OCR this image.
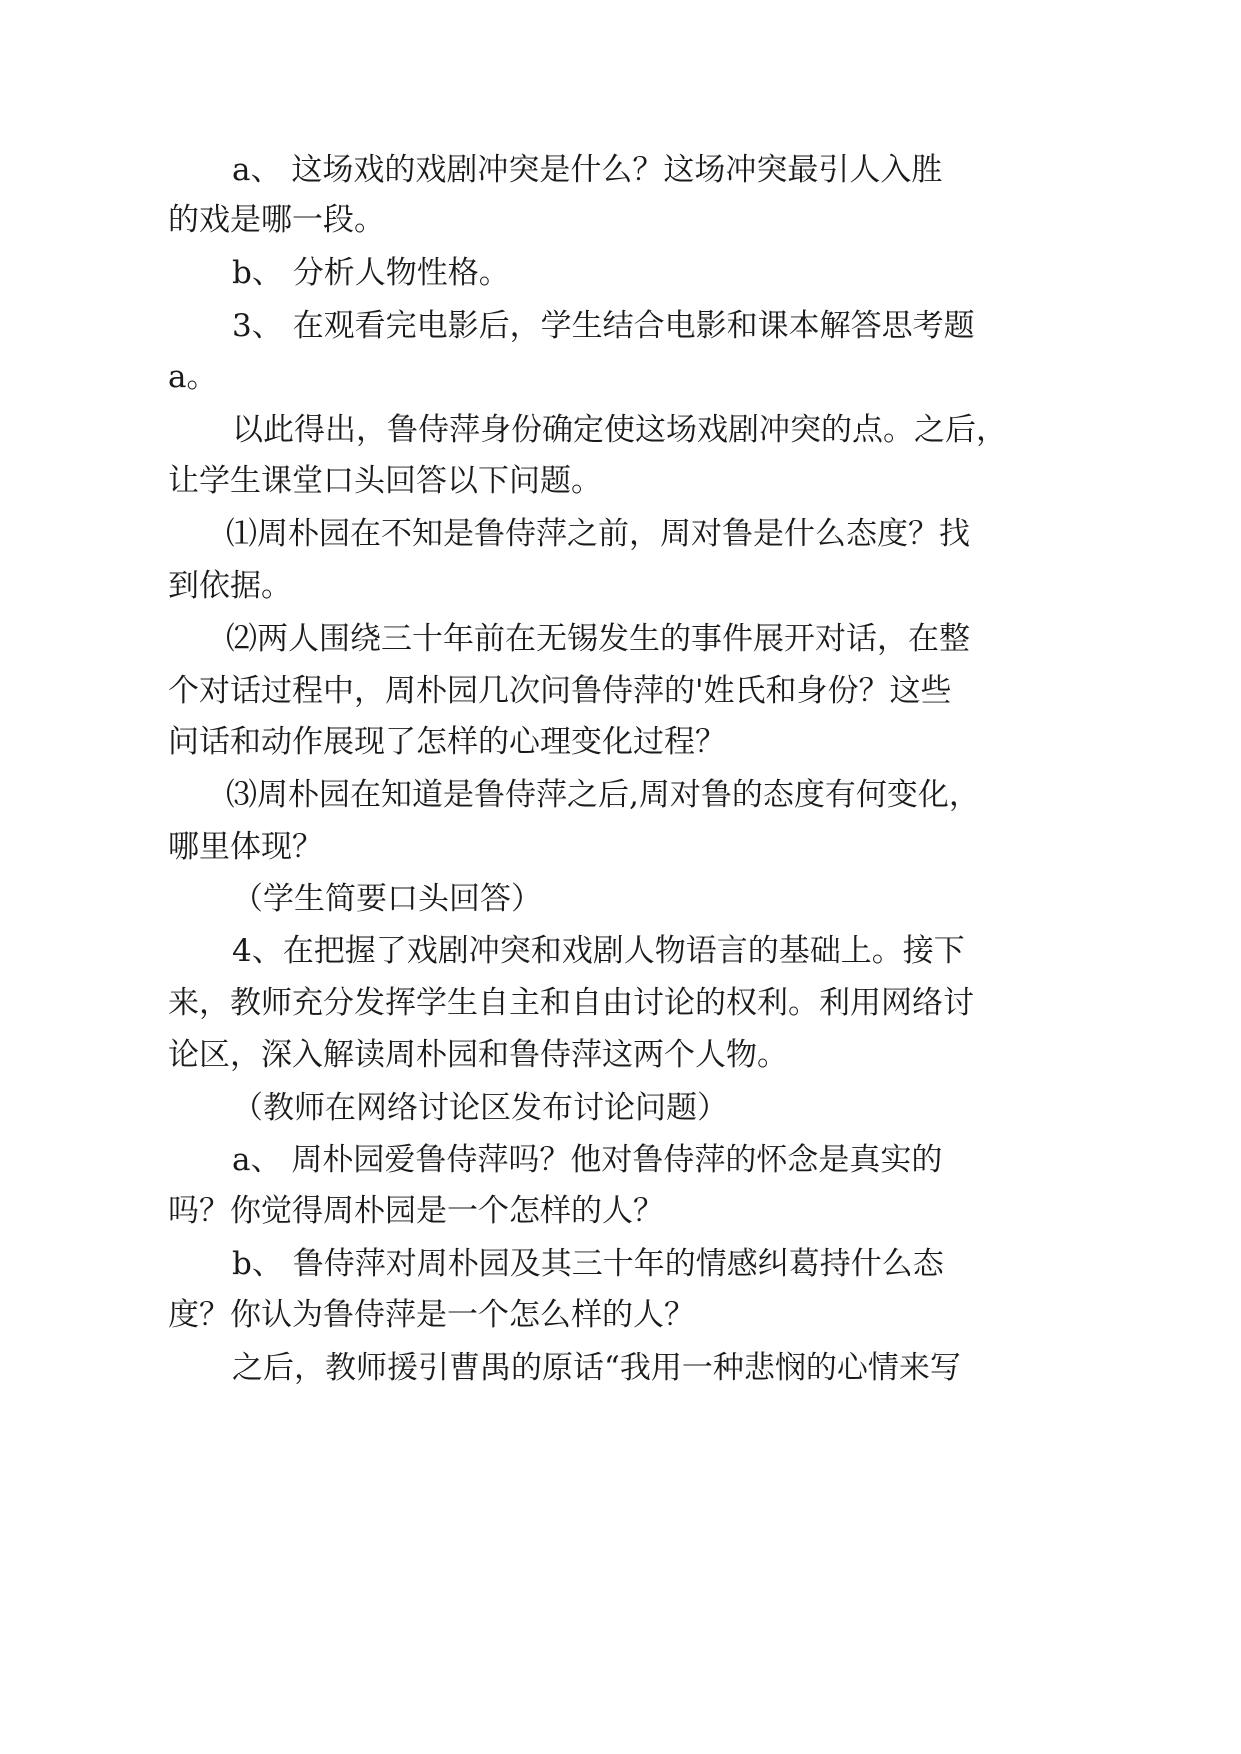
a、 这场戏的戏剧冲突是什么？这场冲突最引人入胜
的戏是哪一段。
b、 分析人物性格。
3、 在观看完电影后，学生结合电影和课本解答思考题
a。
以此得出，鲁侍萍身份确定使这场戏剧冲突的点。之后，
让学生课堂口头回答以下问题。
⑴周朴园在不知是鲁侍萍之前，周对鲁是什么态度？找
到依据。
⑵两人围绕三十年前在无锡发生的事件展开对话，在整
个对话过程中，周朴园几次问鲁侍萍的'姓氏和身份？这些
问话和动作展现了怎样的心理变化过程？
⑶周朴园在知道是鲁侍萍之后,周对鲁的态度有何变化，
哪里体现？
（学生简要口头回答）
4、在把握了戏剧冲突和戏剧人物语言的基础上。接下
来，教师充分发挥学生自主和自由讨论的权利。利用网络讨
论区，深入解读周朴园和鲁侍萍这两个人物。
（教师在网络讨论区发布讨论问题）
a、 周朴园爱鲁侍萍吗？他对鲁侍萍的怀念是真实的
吗？你觉得周朴园是一个怎样的人？
b、 鲁侍萍对周朴园及其三十年的情感纠葛持什么态
度？你认为鲁侍萍是一个怎么样的人？
之后，教师援引曹禺的原话“我用一种悲悯的心情来写
